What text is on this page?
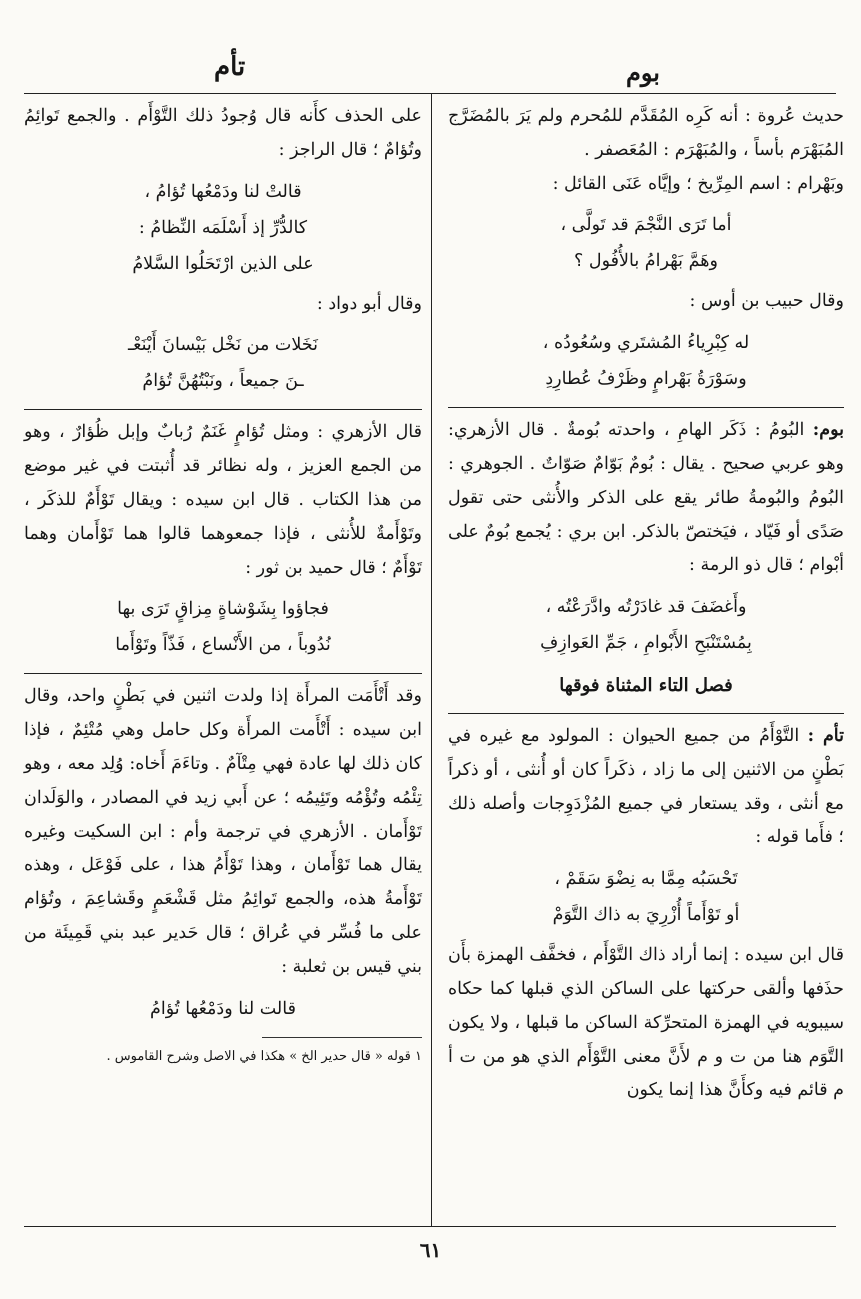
تأم	بوم

حديث عُروة : أنه كَرِه المُقَدَّم للمُحرم ولم يَرَ بالمُضَرَّج المُبَهْرَم بأساً ، والمُبَهْرَم : المُعَصفر .

وبَهْرام : اسم المِرِّيخ ؛ وإيَّاه عَنَى القائل :

أما تَرَى النَّجْمَ قد تَولَّى ،
وهَمَّ بَهْرامُ بالأُفُول ؟

وقال حبيب بن أوس :

له كِبْرِياءُ المُشتَري وسُعُودُه ،
وسَوْرَةُ بَهْرامٍ وظَرْفُ عُطارِدِ

بوم: البُومُ : ذَكَر الهامِ ، واحدته بُومةٌ . قال الأزهري: وهو عربي صحيح . يقال : بُومٌ بَوّامٌ صَوّاتٌ . الجوهري : البُومُ والبُومةُ طائر يقع على الذكر والأُنثى حتى تقول صَدًى أو فَيّاد ، فيَختصّ بالذكر. ابن بري : يُجمع بُومٌ على أبْوام ؛ قال ذو الرمة :

وأَغضَفَ قد غادَرْتُه وادَّرَعْتُه ،
بِمُسْتَنْبَحِ الأَبْوامِ ، جَمِّ العَوازِفِ
فصل التاء المثناة فوقها

تأم : التَّوْأَمُ من جميع الحيوان : المولود مع غيره في بَطْنٍ من الاثنين إلى ما زاد ، ذكَراً كان أو أُنثى ، أو ذكراً مع أنثى ، وقد يستعار في جميع المُزْدَوِجات وأصله ذلك ؛ فأَما قوله :

تَحْسَبُه مِمَّا به نِضْوَ سَقَمْ ،
أو تَوْأَماً أُزْرِيَ به ذاك التَّوَمْ

قال ابن سيده : إنما أراد ذاك التَّوْأَم ، فخفَّف الهمزة بأَن حذَفها وألقى حركتها على الساكن الذي قبلها كما حكاه سيبويه في الهمزة المتحرِّكة الساكن ما قبلها ، ولا يكون التَّوَم هنا من ت و م لأَنَّ معنى التَّوْأَم الذي هو من ت أ م قائم فيه وكأَنَّ هذا إنما يكون

على الحذف كأَنه قال وُجودُ ذلك التَّوْأَم . والجمع تَوائِمُ وتُؤامٌ ؛ قال الراجز :

قالتْ لنا ودَمْعُها تُؤامُ ،
كالدُّرِّ إذ أَسْلَمَه النِّظامُ :
على الذين ارْتَحَلُوا السَّلامُ

وقال أبو دواد :

نَخَلات من نَخْل بَيْسانَ أَيْنَعْـ
ـنَ جميعاً ، ونَبْتُهُنَّ تُؤامُ

قال الأزهري : ومثل تُؤامٍ غَنَمٌ رُبابٌ وإبل ظُؤارٌ ، وهو من الجمع العزيز ، وله نظائر قد أُثبتت في غير موضع من هذا الكتاب . قال ابن سيده : ويقال تَوْأَمٌ للذكَر ، وتَوْأَمةٌ للأُنثى ، فإذا جمعوهما قالوا هما تَوْأَمان وهما تَوْأَمٌ ؛ قال حميد بن ثور :

فجاؤوا بِشَوْشاةٍ مِزاقٍ تَرَى بها
نُدُوباً ، من الأَنْساع ، فَذّاً وتَوْأَما

وقد أَتْأَمَت المرأَة إذا ولدت اثنين في بَطْنٍ واحد، وقال ابن سيده : أَتْأَمت المرأَة وكل حامل وهي مُتْئِمٌ ، فإذا كان ذلك لها عادة فهي مِتْآمٌ . وتاءَمَ أَخاه: وُلِد معه ، وهو تِئْمُه وتُؤْمُه وتَئِيمُه ؛ عن أَبي زيد في المصادر ، والوَلَدان تَوْأَمان . الأزهري في ترجمة وأم : ابن السكيت وغيره يقال هما تَوْأَمان ، وهذا تَوْأَمُ هذا ، على فَوْعَل ، وهذه تَوْأَمةُ هذه، والجمع تَوائِمُ مثل قَشْعَمٍ وقَشاعِمَ ، وتُؤام على ما فُسِّر في عُراق ؛ قال حَدير عبد بني قَمِيئَة من بني قيس بن ثعلبة :

قالت لنا ودَمْعُها تُؤامُ
١ قوله « قال حدير الخ » هكذا في الاصل وشرح القاموس .
٦١
